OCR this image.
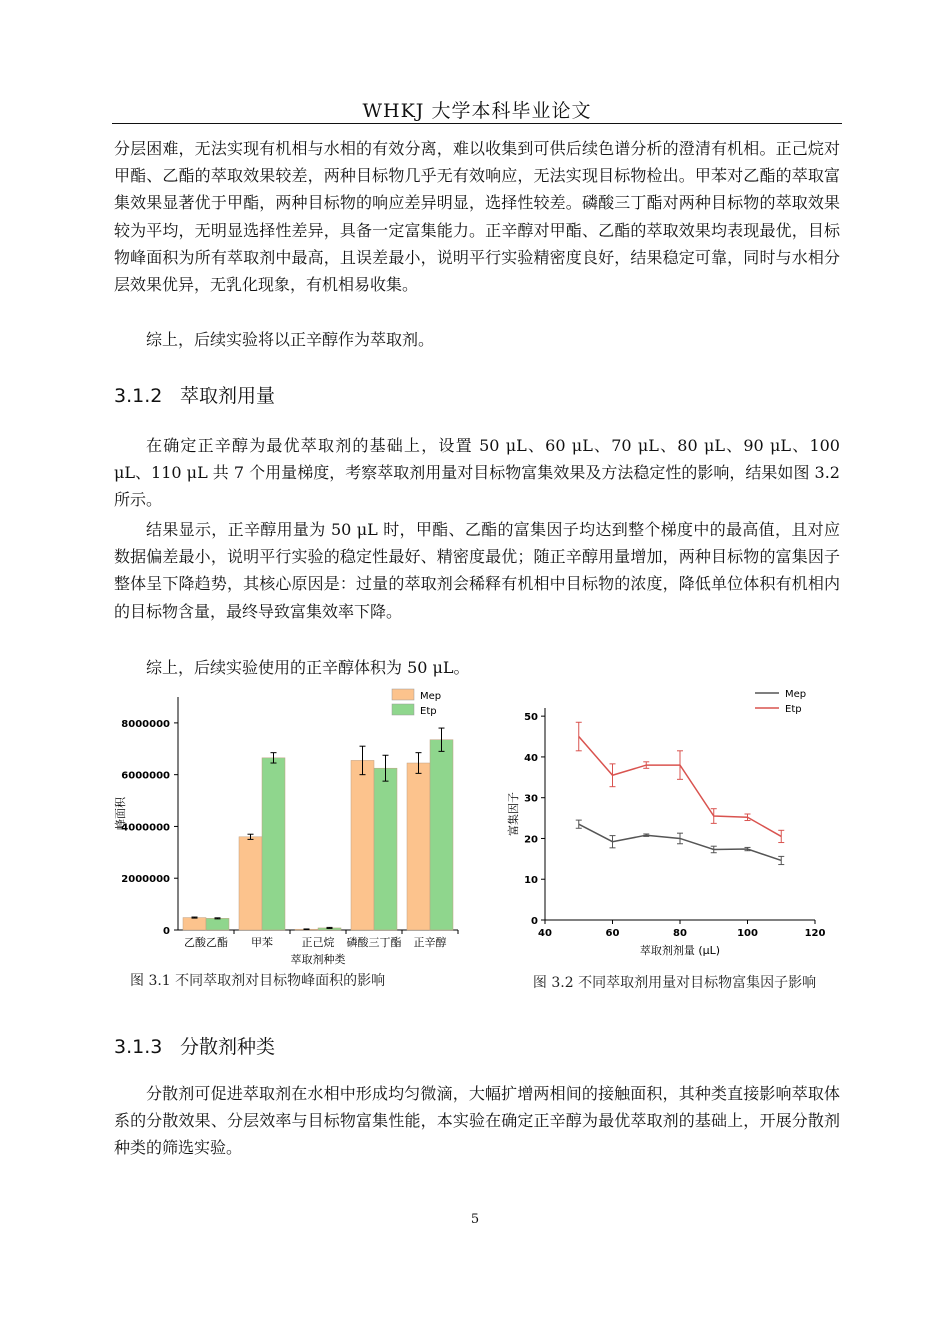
WHKJ 大学本科毕业论文

分层困难，无法实现有机相与水相的有效分离，难以收集到可供后续色谱分析的澄清有机相。正己烷对甲酯、乙酯的萃取效果较差，两种目标物几乎无有效响应，无法实现目标物检出。甲苯对乙酯的萃取富集效果显著优于甲酯，两种目标物的响应差异明显，选择性较差。磷酸三丁酯对两种目标物的萃取效果较为平均，无明显选择性差异，具备一定富集能力。正辛醇对甲酯、乙酯的萃取效果均表现最优，目标物峰面积为所有萃取剂中最高，且误差最小，说明平行实验精密度良好，结果稳定可靠，同时与水相分层效果优异，无乳化现象，有机相易收集。

综上，后续实验将以正辛醇作为萃取剂。

3.1.2 萃取剂用量

在确定正辛醇为最优萃取剂的基础上，设置 50 μL、60 μL、70 μL、80 μL、90 μL、100 μL、110 μL 共 7 个用量梯度，考察萃取剂用量对目标物富集效果及方法稳定性的影响，结果如图 3.2 所示。

结果显示，正辛醇用量为 50 μL 时，甲酯、乙酯的富集因子均达到整个梯度中的最高值，且对应数据偏差最小，说明平行实验的稳定性最好、精密度最优；随正辛醇用量增加，两种目标物的富集因子整体呈下降趋势，其核心原因是：过量的萃取剂会稀释有机相中目标物的浓度，降低单位体积有机相内的目标物含量，最终导致富集效率下降。

综上，后续实验使用的正辛醇体积为 50 μL。

0
2000000
4000000
6000000
8000000
乙酸乙酯 甲苯	正己烷 磷酸三丁酯 正辛醇
萃取剂种类
峰面积
Mep
Etp
0
10
20
30
40
50
40	60	80	100	120
萃取剂剂量 (μL)
富集因子
Mep
Etp
图 3.1 不同萃取剂对目标物峰面积的影响	图 3.2 不同萃取剂用量对目标物富集因子影响
3.1.3 分散剂种类

分散剂可促进萃取剂在水相中形成均匀微滴，大幅扩增两相间的接触面积，其种类直接影响萃取体系的分散效果、分层效率与目标物富集性能，本实验在确定正辛醇为最优萃取剂的基础上，开展分散剂种类的筛选实验。

5
